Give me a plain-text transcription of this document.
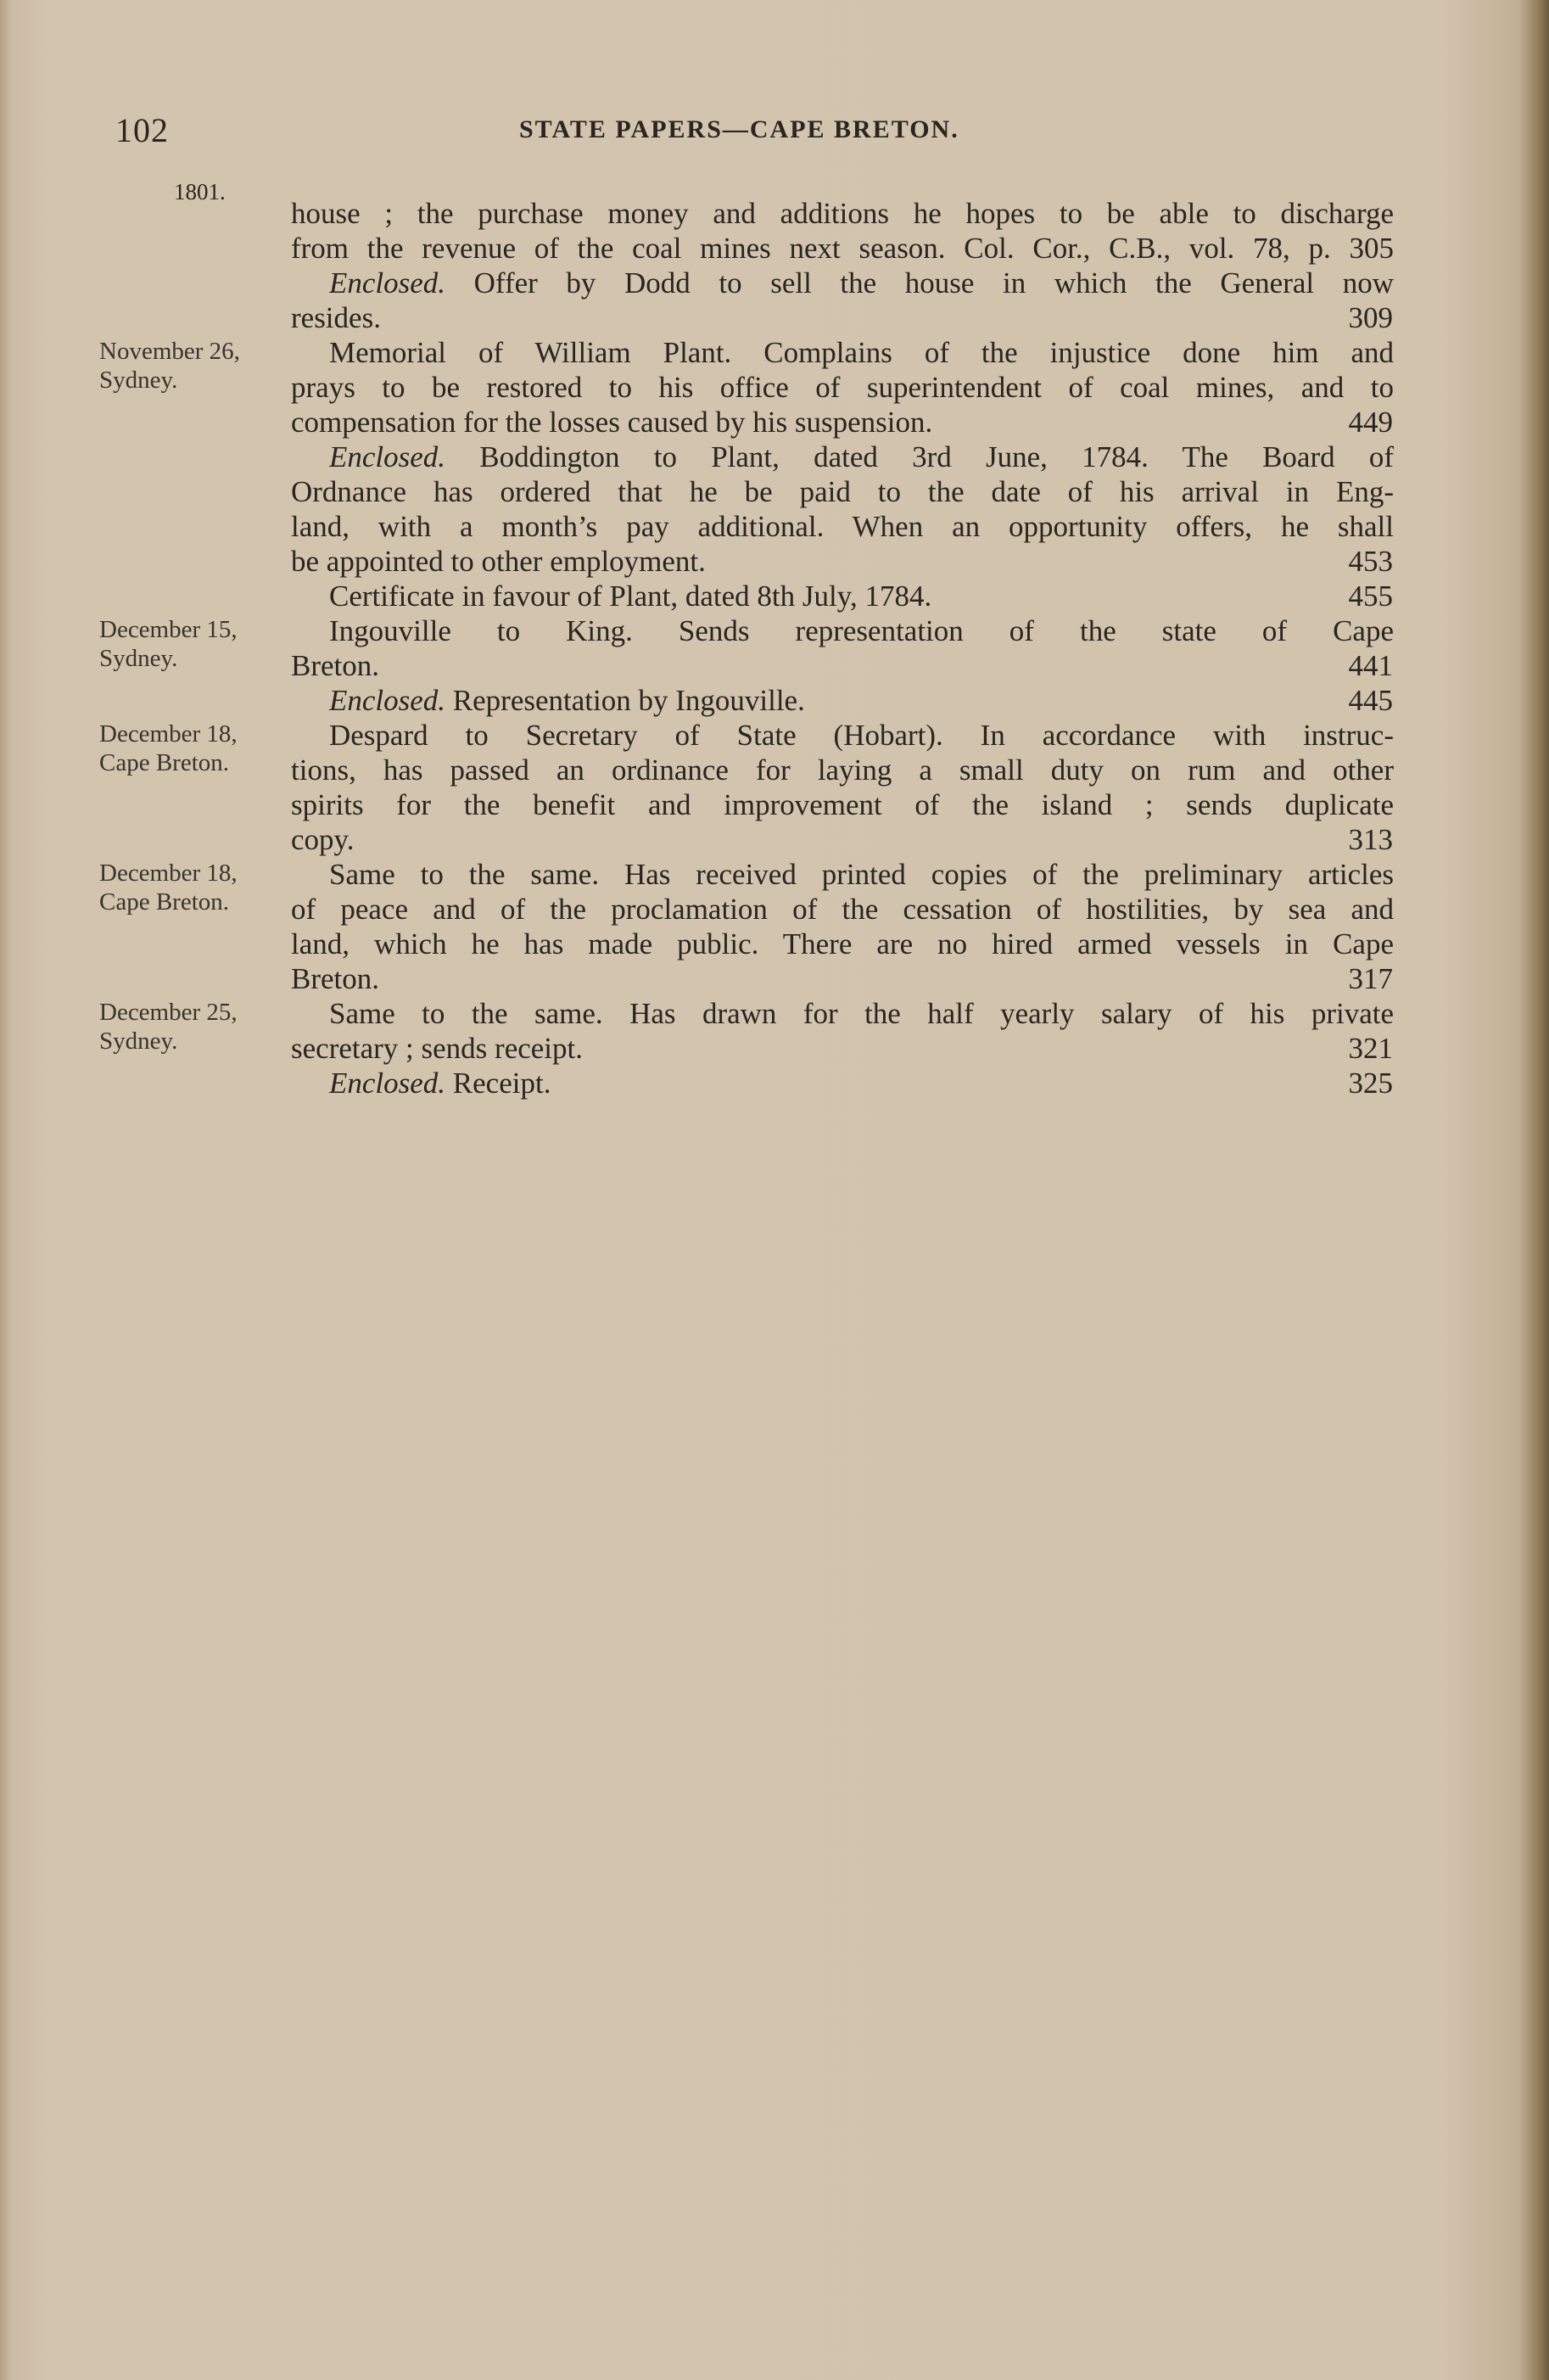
102	STATE PAPERS—CAPE BRETON.
1801.
house ; the purchase money and additions he hopes to be able to discharge
from the revenue of the coal mines next season. Col. Cor., C.B., vol. 78, p. 305
Enclosed. Offer by Dodd to sell the house in which the General now
resides.	309
November 26,
Sydney.
Memorial of William Plant. Complains of the injustice done him and
prays to be restored to his office of superintendent of coal mines, and to
compensation for the losses caused by his suspension.	449
Enclosed. Boddington to Plant, dated 3rd June, 1784. The Board of
Ordnance has ordered that he be paid to the date of his arrival in Eng-
land, with a month’s pay additional. When an opportunity offers, he shall
be appointed to other employment.	453
Certificate in favour of Plant, dated 8th July, 1784.	455
December 15,
Sydney.
Ingouville to King. Sends representation of the state of Cape
Breton.	441
Enclosed. Representation by Ingouville.	445
December 18,
Cape Breton.
Despard to Secretary of State (Hobart). In accordance with instruc-
tions, has passed an ordinance for laying a small duty on rum and other
spirits for the benefit and improvement of the island ; sends duplicate
copy.	313
December 18,
Cape Breton.
Same to the same. Has received printed copies of the preliminary articles
of peace and of the proclamation of the cessation of hostilities, by sea and
land, which he has made public. There are no hired armed vessels in Cape
Breton.	317
December 25,
Sydney.
Same to the same. Has drawn for the half yearly salary of his private
secretary ; sends receipt.	321
Enclosed. Receipt.	325
